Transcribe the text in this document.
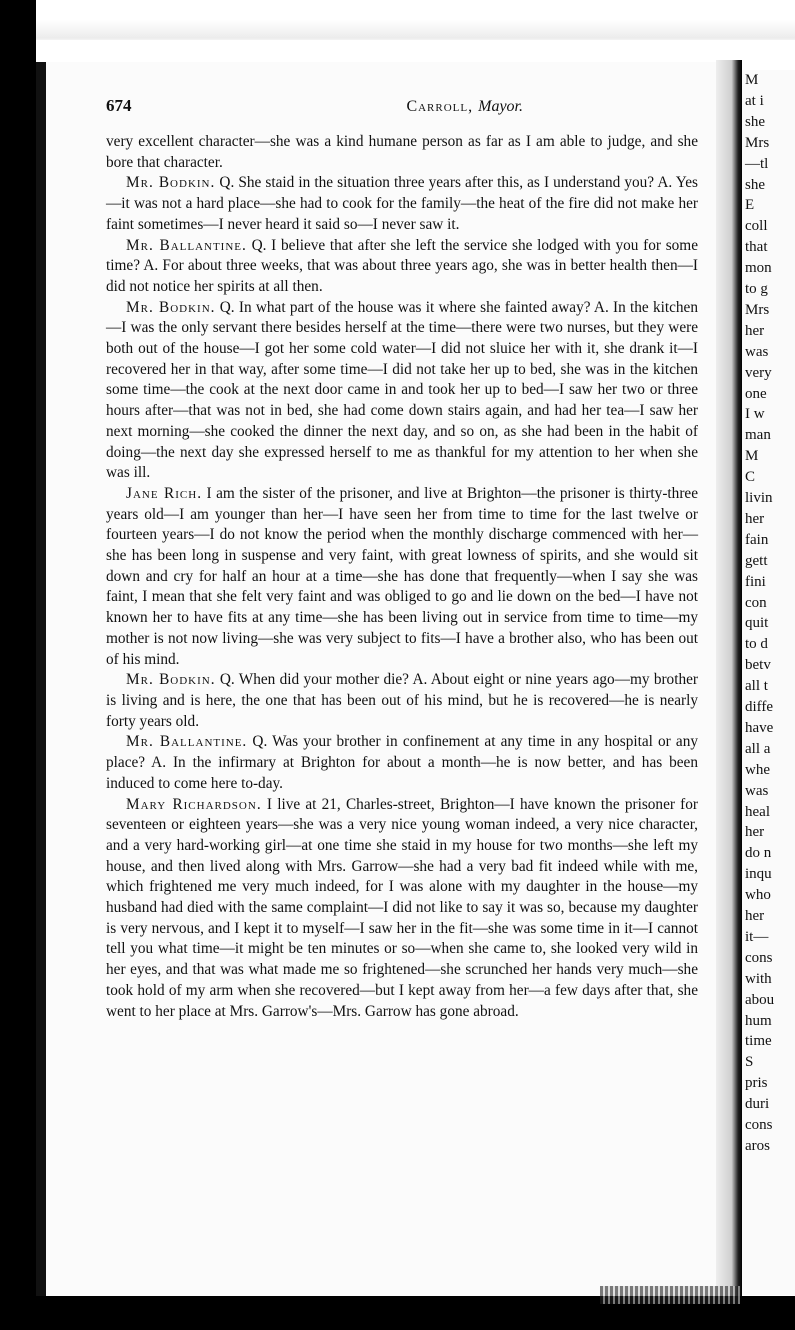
M
at i
she
Mrs
—tl
she
E
coll
that
mon
to g
Mrs
her
was
very
one
I w
man
M
C
livin
her
fain
gett
fini
con
quit
to d
betv
all t
diffe
have
all a
whe
was
heal
her
do n
inqu
who
her
it—
cons
with
abou
hum
time
S
pris
duri
cons
aros
674	Carroll, Mayor.

very excellent character—she was a kind humane person as far as I am able to judge, and she bore that character.

Mr. Bodkin. Q. She staid in the situation three years after this, as I understand you? A. Yes—it was not a hard place—she had to cook for the family—the heat of the fire did not make her faint sometimes—I never heard it said so—I never saw it.

Mr. Ballantine. Q. I believe that after she left the service she lodged with you for some time? A. For about three weeks, that was about three years ago, she was in better health then—I did not notice her spirits at all then.

Mr. Bodkin. Q. In what part of the house was it where she fainted away? A. In the kitchen—I was the only servant there besides herself at the time—there were two nurses, but they were both out of the house—I got her some cold water—I did not sluice her with it, she drank it—I recovered her in that way, after some time—I did not take her up to bed, she was in the kitchen some time—the cook at the next door came in and took her up to bed—I saw her two or three hours after—that was not in bed, she had come down stairs again, and had her tea—I saw her next morning—she cooked the dinner the next day, and so on, as she had been in the habit of doing—the next day she expressed herself to me as thankful for my attention to her when she was ill.

Jane Rich. I am the sister of the prisoner, and live at Brighton—the prisoner is thirty-three years old—I am younger than her—I have seen her from time to time for the last twelve or fourteen years—I do not know the period when the monthly discharge commenced with her—she has been long in suspense and very faint, with great lowness of spirits, and she would sit down and cry for half an hour at a time—she has done that frequently—when I say she was faint, I mean that she felt very faint and was obliged to go and lie down on the bed—I have not known her to have fits at any time—she has been living out in service from time to time—my mother is not now living—she was very subject to fits—I have a brother also, who has been out of his mind.

Mr. Bodkin. Q. When did your mother die? A. About eight or nine years ago—my brother is living and is here, the one that has been out of his mind, but he is recovered—he is nearly forty years old.

Mr. Ballantine. Q. Was your brother in confinement at any time in any hospital or any place? A. In the infirmary at Brighton for about a month—he is now better, and has been induced to come here to-day.

Mary Richardson. I live at 21, Charles-street, Brighton—I have known the prisoner for seventeen or eighteen years—she was a very nice young woman indeed, a very nice character, and a very hard-working girl—at one time she staid in my house for two months—she left my house, and then lived along with Mrs. Garrow—she had a very bad fit indeed while with me, which frightened me very much indeed, for I was alone with my daughter in the house—my husband had died with the same complaint—I did not like to say it was so, because my daughter is very nervous, and I kept it to myself—I saw her in the fit—she was some time in it—I cannot tell you what time—it might be ten minutes or so—when she came to, she looked very wild in her eyes, and that was what made me so frightened—she scrunched her hands very much—she took hold of my arm when she recovered—but I kept away from her—a few days after that, she went to her place at Mrs. Garrow's—Mrs. Garrow has gone abroad.
